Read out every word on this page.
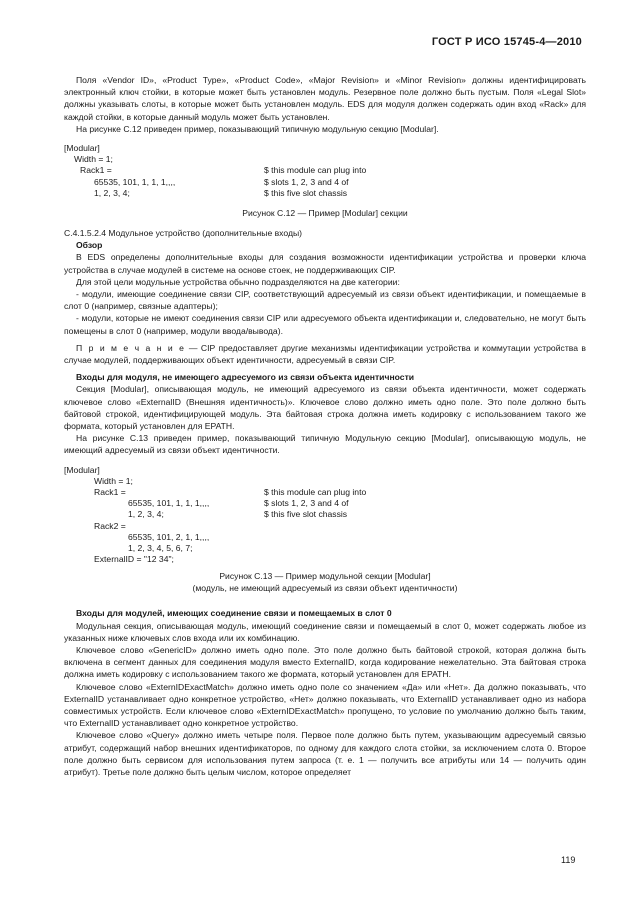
ГОСТ Р ИСО 15745-4—2010

Поля «Vendor ID», «Product Type», «Product Code», «Major Revision» и «Minor Revision» должны идентифицировать электронный ключ стойки, в которые может быть установлен модуль. Резервное поле должно быть пустым. Поля «Legal Slot» должны указывать слоты, в которые может быть установлен модуль. EDS для модуля должен содержать один вход «Rack» для каждой стойки, в которые данный модуль может быть установлен.

На рисунке С.12 приведен пример, показывающий типичную модульную секцию [Modular].

[Modular]
Width = 1;
Rack1 =	$ this module can plug into
65535, 101, 1, 1, 1,,,,	$ slots 1, 2, 3 and 4 of
1, 2, 3, 4;	$ this five slot chassis

Рисунок С.12 — Пример [Modular] секции

С.4.1.5.2.4 Модульное устройство (дополнительные входы)

Обзор

В EDS определены дополнительные входы для создания возможности идентификации устройства и проверки ключа устройства в случае модулей в системе на основе стоек, не поддерживающих CIP.

Для этой цели модульные устройства обычно подразделяются на две категории:

- модули, имеющие соединение связи CIP, соответствующий адресуемый из связи объект идентификации, и помещаемые в слот 0 (например, связные адаптеры);

- модули, которые не имеют соединения связи CIP или адресуемого объекта идентификации и, следовательно, не могут быть помещены в слот 0 (например, модули ввода/вывода).

П р и м е ч а н и е — CIP предоставляет другие механизмы идентификации устройства и коммутации устройства в случае модулей, поддерживающих объект идентичности, адресуемый в связи CIP.

Входы для модуля, не имеющего адресуемого из связи объекта идентичности

Секция [Modular], описывающая модуль, не имеющий адресуемого из связи объекта идентичности, может содержать ключевое слово «ExternalID (Внешняя идентичность)». Ключевое слово должно иметь одно поле. Это поле должно быть байтовой строкой, идентифицирующей модуль. Эта байтовая строка должна иметь кодировку с использованием такого же формата, который установлен для EPATH.

На рисунке С.13 приведен пример, показывающий типичную Модульную секцию [Modular], описывающую модуль, не имеющий адресуемый из связи объект идентичности.

[Modular]
Width = 1;
Rack1 =	$ this module can plug into
65535, 101, 1, 1, 1,,,,	$ slots 1, 2, 3 and 4 of
1, 2, 3, 4;	$ this five slot chassis
Rack2 =
65535, 101, 2, 1, 1,,,,
1, 2, 3, 4, 5, 6, 7;
ExternalID = "12 34";

Рисунок С.13 — Пример модульной секции [Modular]

(модуль, не имеющий адресуемый из связи объект идентичности)

Входы для модулей, имеющих соединение связи и помещаемых в слот 0

Модульная секция, описывающая модуль, имеющий соединение связи и помещаемый в слот 0, может содержать любое из указанных ниже ключевых слов входа или их комбинацию.

Ключевое слово «GenericID» должно иметь одно поле. Это поле должно быть байтовой строкой, которая должна быть включена в сегмент данных для соединения модуля вместо ExternalID, когда кодирование нежелательно. Эта байтовая строка должна иметь кодировку с использованием такого же формата, который установлен для EPATH.

Ключевое слово «ExternIDExactMatch» должно иметь одно поле со значением «Да» или «Нет». Да должно показывать, что ExternalID устанавливает одно конкретное устройство, «Нет» должно показывать, что ExternalID устанавливает одно из набора совместимых устройств. Если ключевое слово «ExternIDExactMatch» пропущено, то условие по умолчанию должно быть таким, что ExternalID устанавливает одно конкретное устройство.

Ключевое слово «Query» должно иметь четыре поля. Первое поле должно быть путем, указывающим адресуемый связью атрибут, содержащий набор внешних идентификаторов, по одному для каждого слота стойки, за исключением слота 0. Второе поле должно быть сервисом для использования путем запроса (т. е. 1 — получить все атрибуты или 14 — получить один атрибут). Третье поле должно быть целым числом, которое определяет

119
